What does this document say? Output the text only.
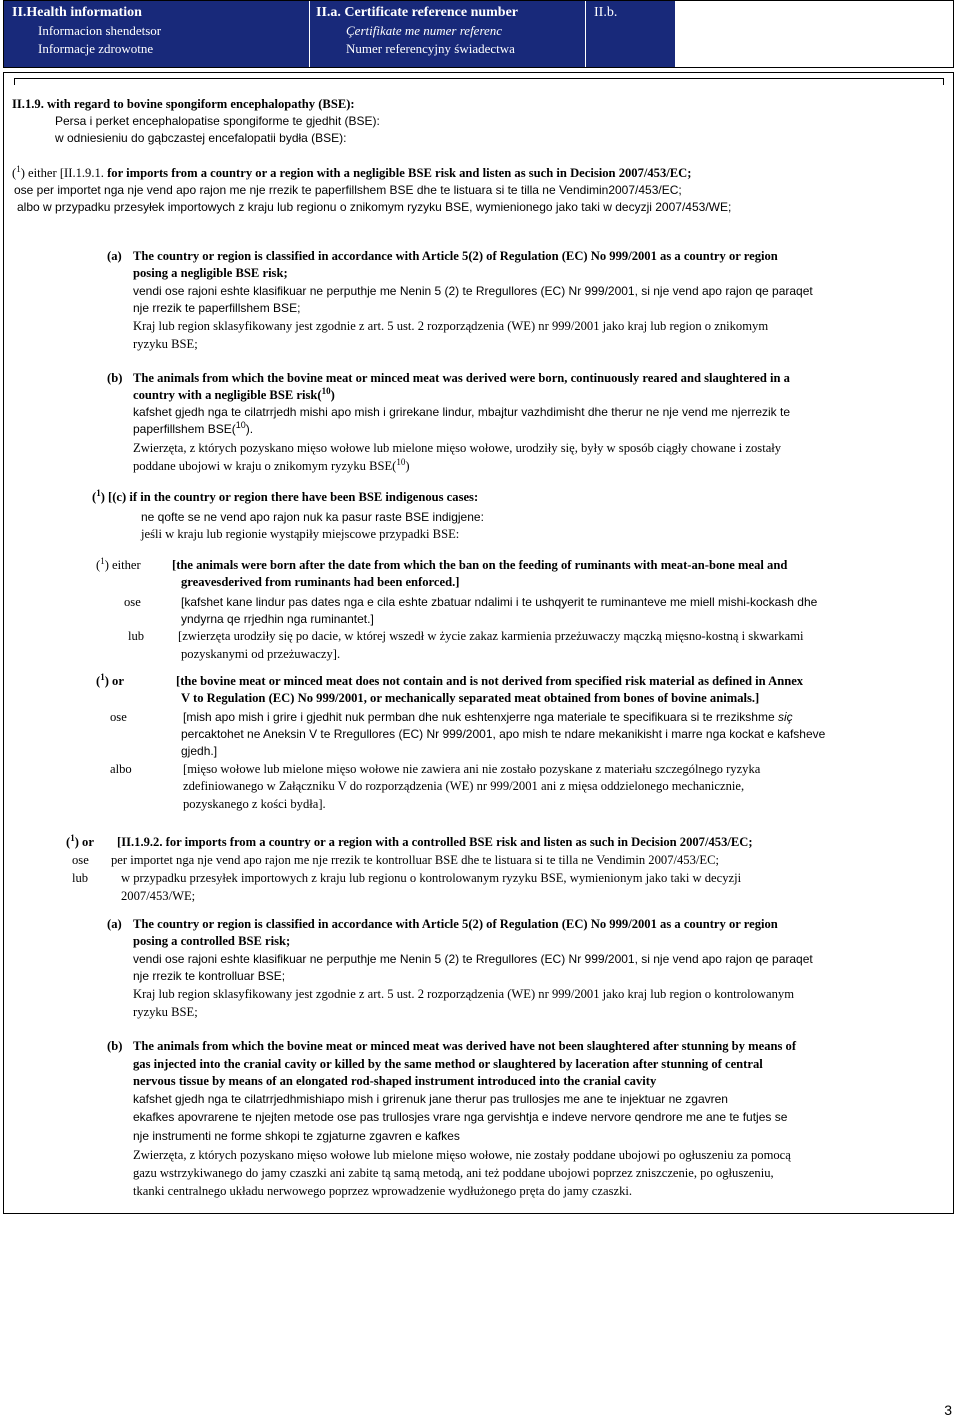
II.Health information
Informacion shendetsor
Informacje zdrowotne
II.a. Certificate reference number
Çertifikate me numer referenc
Numer referencyjny świadectwa
II.b.
II.1.9. with regard to bovine spongiform encephalopathy (BSE):
Persa i perket encephalopatise spongiforme te gjedhit (BSE):
w odniesieniu do gąbczastej encefalopatii bydła (BSE):
($^1$) either [II.1.9.1. for imports from a country or a region with a negligible BSE risk and listen as such in Decision 2007/453/EC;
ose per importet nga nje vend apo rajon me nje rrezik te paperfillshem BSE dhe te listuara si te tilla ne Vendimin2007/453/EC;
albo w przypadku przesyłek importowych z kraju lub regionu o znikomym ryzyku BSE, wymienionego jako taki w decyzji 2007/453/WE;
(a) The country or region is classified in accordance with Article 5(2) of Regulation (EC) No 999/2001 as a country or region
posing a negligible BSE risk;
vendi ose rajoni eshte klasifikuar ne perputhje me Nenin 5 (2) te Rregullores (EC) Nr 999/2001, si nje vend apo rajon qe paraqet
nje rrezik te paperfillshem BSE;
Kraj lub region sklasyfikowany jest zgodnie z art. 5 ust. 2 rozporządzenia (WE) nr 999/2001 jako kraj lub region o znikomym
ryzyku BSE;
(b) The animals from which the bovine meat or minced meat was derived were born, continuously reared and slaughtered in a
country with a negligible BSE risk($^{10}$)
kafshet gjedh nga te cilatrrjedh mishi apo mish i grirekane lindur, mbajtur vazhdimisht dhe therur ne nje vend me njerrezik te
paperfillshem BSE($^{10}$).
Zwierzęta, z których pozyskano mięso wołowe lub mielone mięso wołowe, urodziły się, były w sposób ciągły chowane i zostały
poddane ubojowi w kraju o znikomym ryzyku BSE($^{10}$)
($^1$) [(c) if in the country or region there have been BSE indigenous cases:
ne qofte se ne vend apo rajon nuk ka pasur raste BSE indigjene:
jeśli w kraju lub regionie wystąpiły miejscowe przypadki BSE:
($^1$) either [the animals were born after the date from which the ban on the feeding of ruminants with meat-an-bone meal and
greavesderived from ruminants had been enforced.]
ose	[kafshet kane lindur pas dates nga e cila eshte zbatuar ndalimi i te ushqyerit te ruminanteve me miell mishi-kockash dhe
yndyrna qe rrjedhin nga ruminantet.]
lub	[zwierzęta urodziły się po dacie, w której wszedł w życie zakaz karmienia przeżuwaczy mączką mięsno-kostną i skwarkami
pozyskanymi od przeżuwaczy].
($^1$) or	[the bovine meat or minced meat does not contain and is not derived from specified risk material as defined in Annex
V to Regulation (EC) No 999/2001, or mechanically separated meat obtained from bones of bovine animals.]
ose	[mish apo mish i grire i gjedhit nuk permban dhe nuk eshtenxjerre nga materiale te specifikuara si te rrezikshme siç
percaktohet ne Aneksin V te Rregullores (EC) Nr 999/2001, apo mish te ndare mekanikisht i marre nga kockat e kafsheve
gjedh.]
albo	[mięso wołowe lub mielone mięso wołowe nie zawiera ani nie zostało pozyskane z materiału szczególnego ryzyka
zdefiniowanego w Załączniku V do rozporządzenia (WE) nr 999/2001 ani z mięsa oddzielonego mechanicznie,
pozyskanego z kości bydła].
($^1$) or [II.1.9.2. for imports from a country or a region with a controlled BSE risk and listen as such in Decision 2007/453/EC;
ose per importet nga nje vend apo rajon me nje rrezik te kontrolluar BSE dhe te listuara si te tilla ne Vendimin 2007/453/EC;
lub	w przypadku przesyłek importowych z kraju lub regionu o kontrolowanym ryzyku BSE, wymienionym jako taki w decyzji
2007/453/WE;
(a) The country or region is classified in accordance with Article 5(2) of Regulation (EC) No 999/2001 as a country or region
posing a controlled BSE risk;
vendi ose rajoni eshte klasifikuar ne perputhje me Nenin 5 (2) te Rregullores (EC) Nr 999/2001, si nje vend apo rajon qe paraqet
nje rrezik te kontrolluar BSE;
Kraj lub region sklasyfikowany jest zgodnie z art. 5 ust. 2 rozporządzenia (WE) nr 999/2001 jako kraj lub region o kontrolowanym
ryzyku BSE;
(b) The animals from which the bovine meat or minced meat was derived have not been slaughtered after stunning by means of
gas injected into the cranial cavity or killed by the same method or slaughtered by laceration after stunning of central
nervous tissue by means of an elongated rod-shaped instrument introduced into the cranial cavity
kafshet gjedh nga te cilatrrjedhmishiapo mish i grirenuk jane therur pas trullosjes me ane te injektuar ne zgavren
ekafkes apovrarene te njejten metode ose pas trullosjes vrare nga gervishtja e indeve nervore qendrore me ane te futjes se
nje instrumenti ne forme shkopi te zgjaturne zgavren e kafkes
Zwierzęta, z których pozyskano mięso wołowe lub mielone mięso wołowe, nie zostały poddane ubojowi po ogłuszeniu za pomocą
gazu wstrzykiwanego do jamy czaszki ani zabite tą samą metodą, ani też poddane ubojowi poprzez zniszczenie, po ogłuszeniu,
tkanki centralnego układu nerwowego poprzez wprowadzenie wydłużonego pręta do jamy czaszki.
3
